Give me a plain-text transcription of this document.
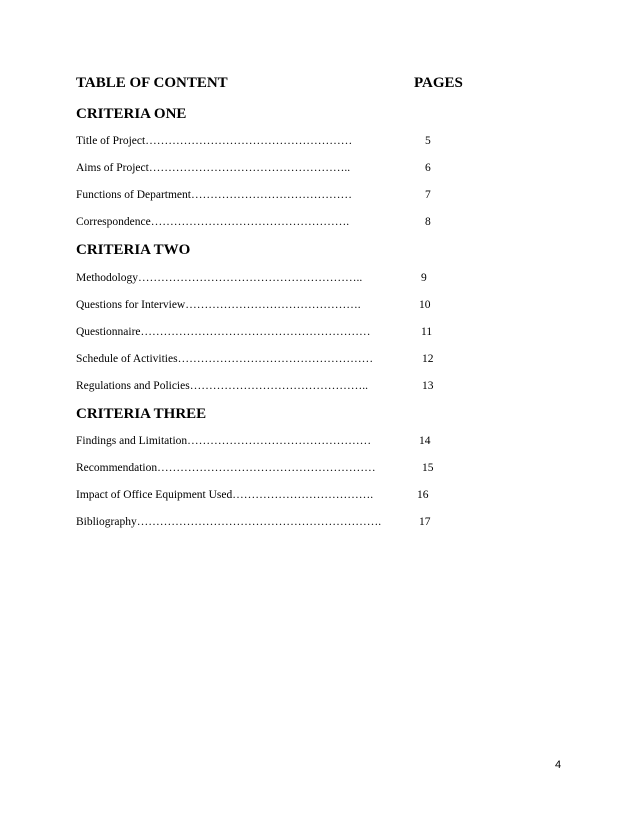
TABLE OF CONTENT	PAGES
CRITERIA ONE
Title of Project………………………………………………	5
Aims of Project……………………………………………..	6
Functions of Department……………………………………	7
Correspondence…………………………………………….	8
CRITERIA TWO
Methodology…………………………………………………..	9
Questions for Interview……………………………………….	10
Questionnaire……………………………………………………	11
Schedule of Activities……………………………………………	12
Regulations and Policies………………………………………..	13
CRITERIA THREE
Findings and Limitation…………………………………………	14
Recommendation…………………………………………………	15
Impact of Office Equipment Used……………………………….	16
Bibliography……………………………………………………….	17
4
